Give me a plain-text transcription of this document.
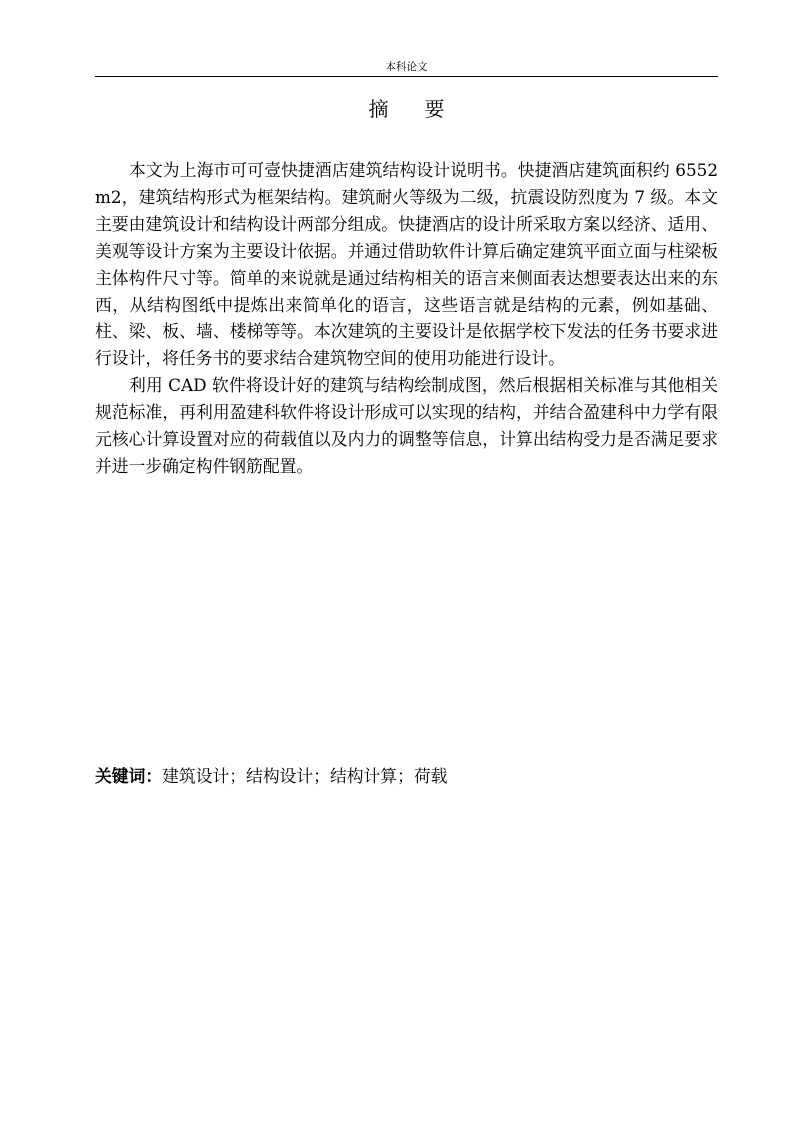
本科论文
摘要

本文为上海市可可壹快捷酒店建筑结构设计说明书。快捷酒店建筑面积约 6552m2，建筑结构形式为框架结构。建筑耐火等级为二级，抗震设防烈度为 7 级。本文主要由建筑设计和结构设计两部分组成。快捷酒店的设计所采取方案以经济、适用、美观等设计方案为主要设计依据。并通过借助软件计算后确定建筑平面立面与柱梁板主体构件尺寸等。简单的来说就是通过结构相关的语言来侧面表达想要表达出来的东西，从结构图纸中提炼出来简单化的语言，这些语言就是结构的元素，例如基础、柱、梁、板、墙、楼梯等等。本次建筑的主要设计是依据学校下发法的任务书要求进行设计，将任务书的要求结合建筑物空间的使用功能进行设计。

利用 CAD 软件将设计好的建筑与结构绘制成图，然后根据相关标准与其他相关规范标准，再利用盈建科软件将设计形成可以实现的结构，并结合盈建科中力学有限元核心计算设置对应的荷载值以及内力的调整等信息，计算出结构受力是否满足要求并进一步确定构件钢筋配置。

关键词：建筑设计；结构设计；结构计算；荷载
